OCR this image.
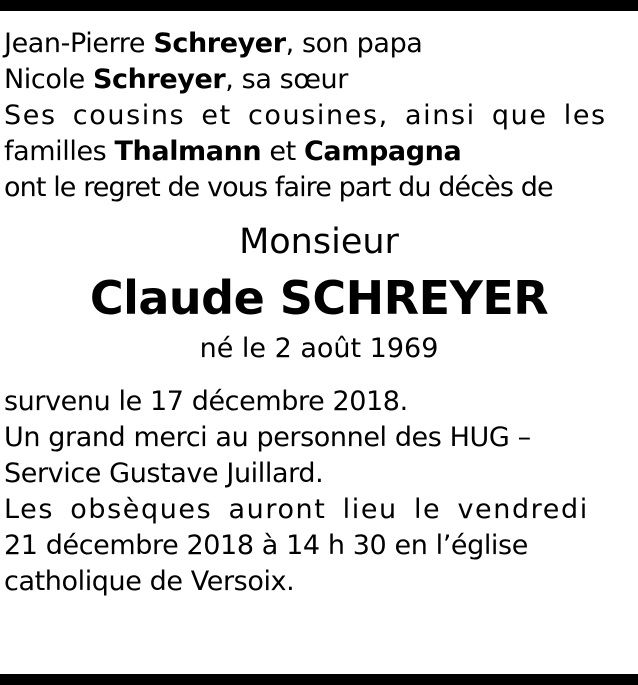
Jean-Pierre Schreyer, son papa
Nicole Schreyer, sa sœur
Ses cousins et cousines, ainsi que les
familles Thalmann et Campagna
ont le regret de vous faire part du décès de
Monsieur
Claude SCHREYER
né le 2 août 1969
survenu le 17 décembre 2018.
Un grand merci au personnel des HUG –
Service Gustave Juillard.
Les obsèques auront lieu le vendredi
21 décembre 2018 à 14 h 30 en l’église
catholique de Versoix.
